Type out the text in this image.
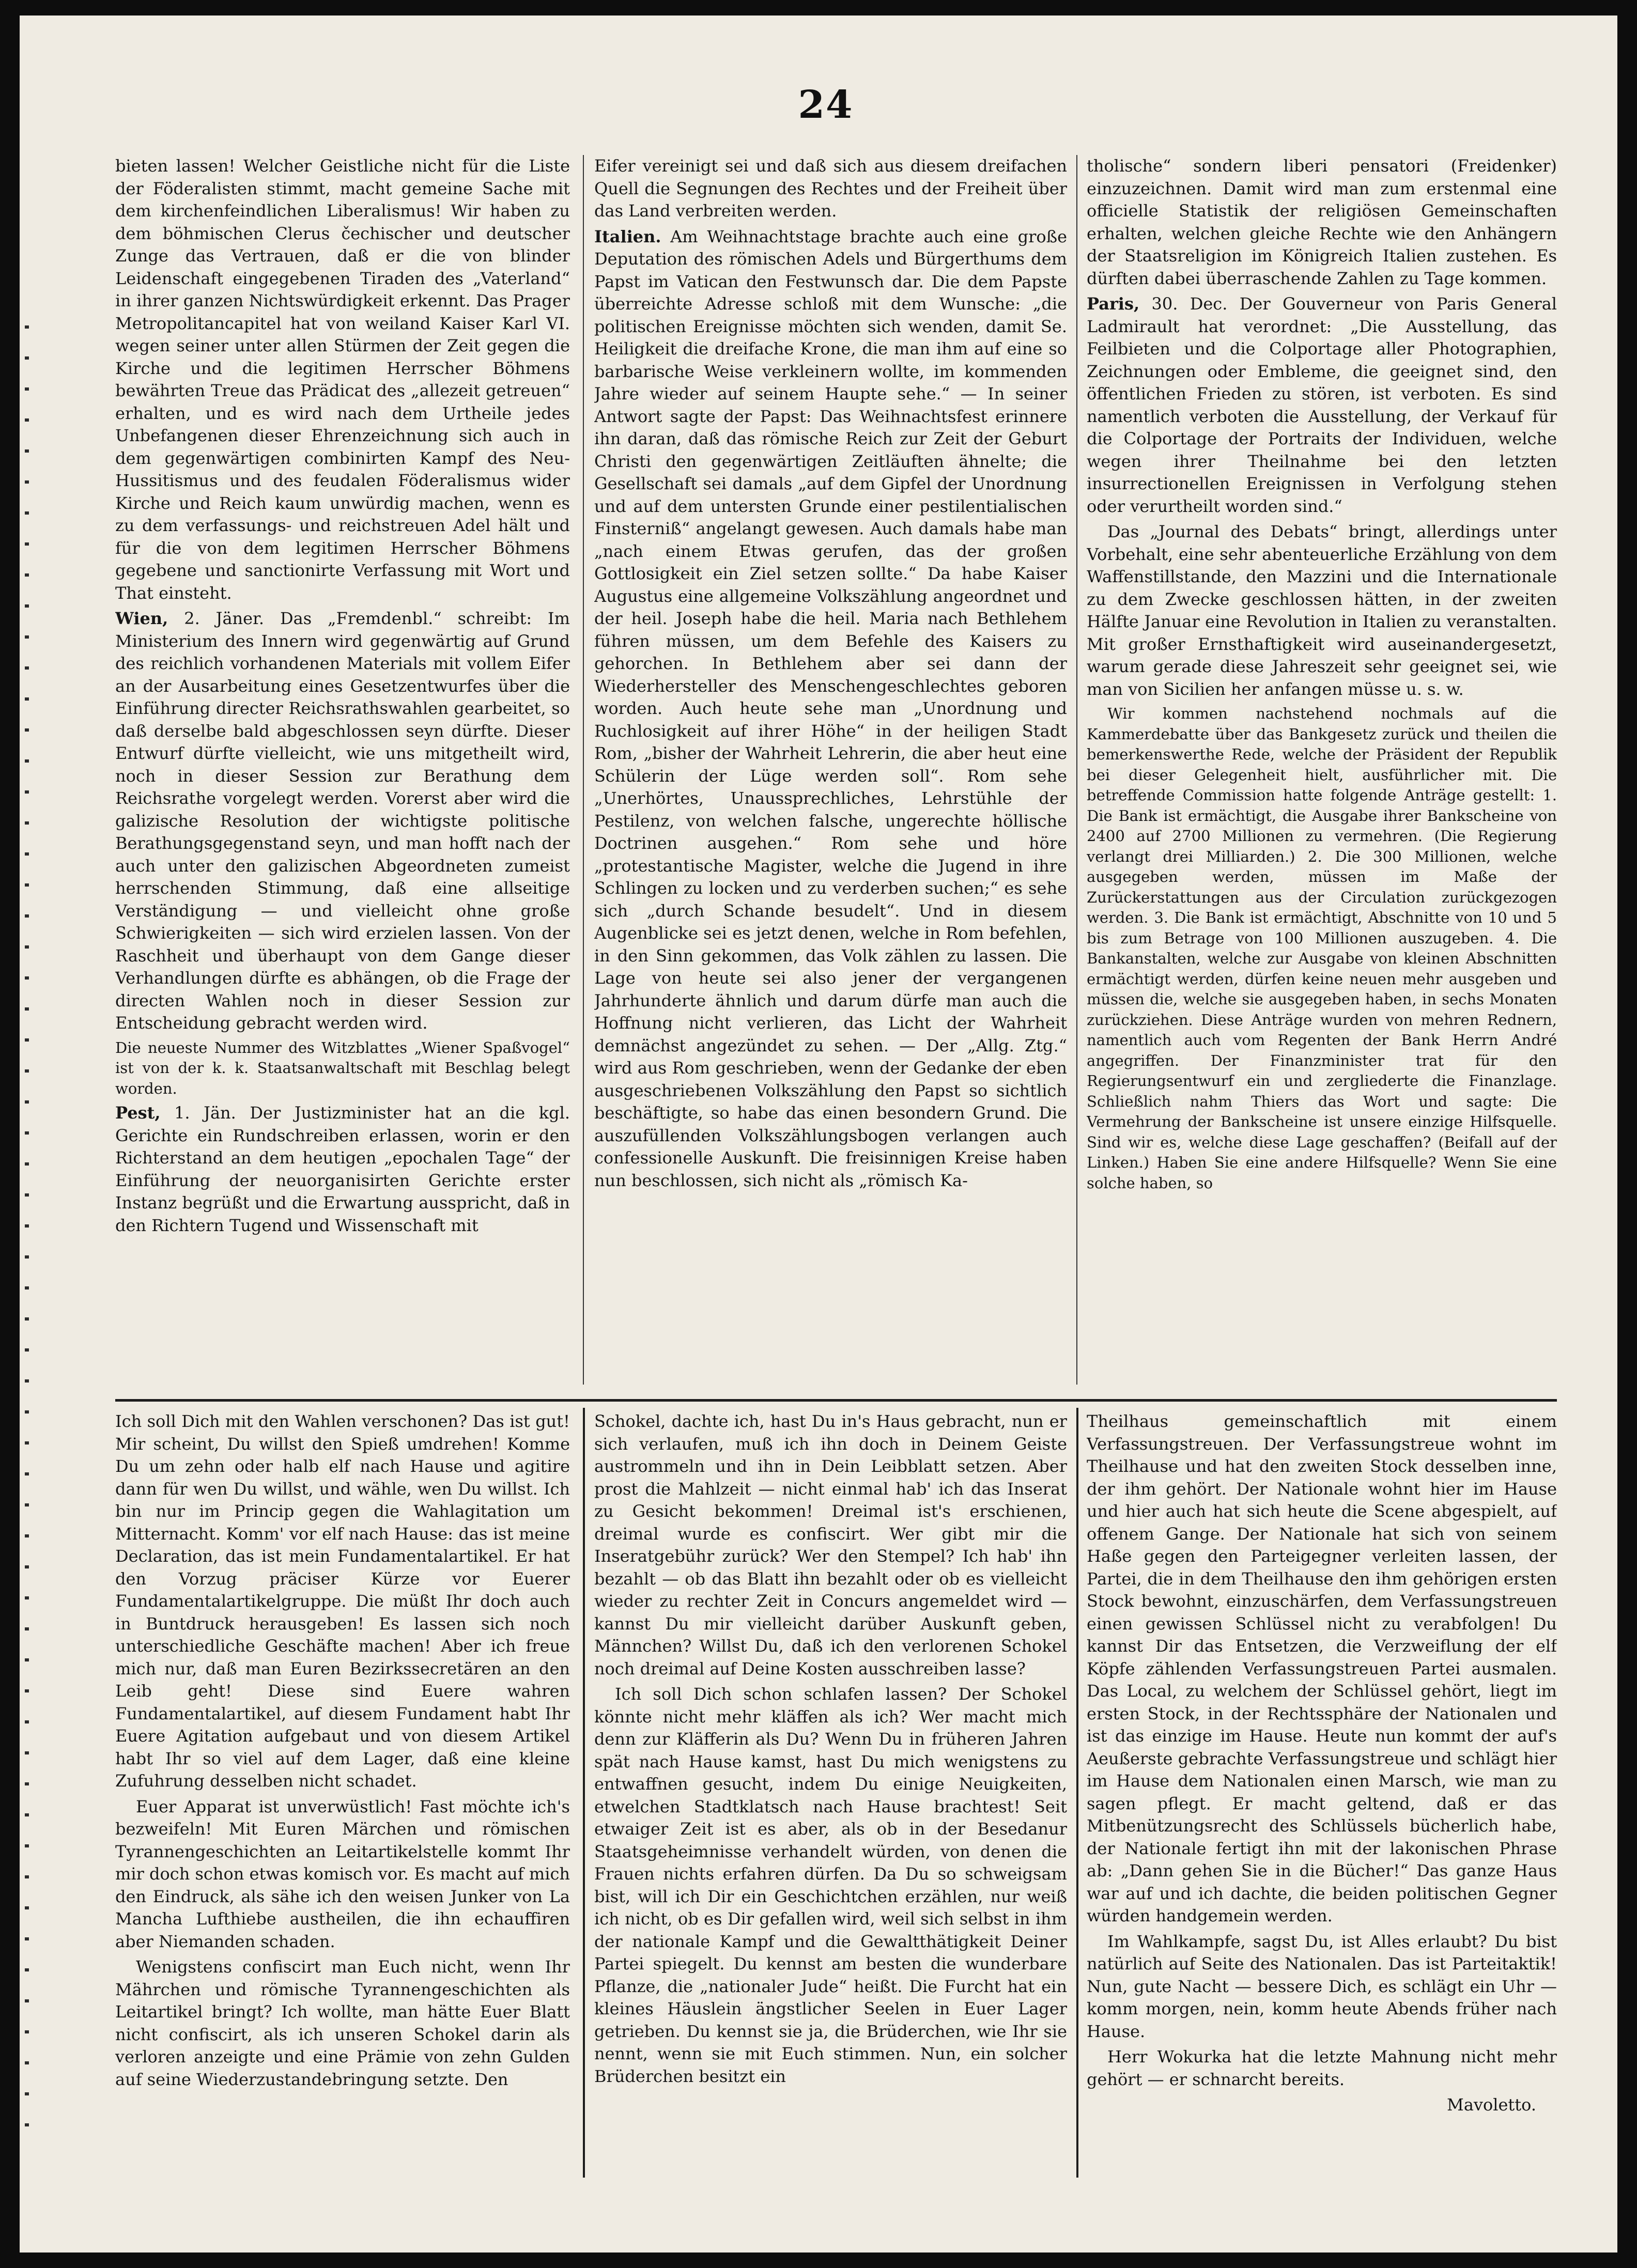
24

bieten lassen! Welcher Geistliche nicht für die Liste der Föderalisten stimmt, macht gemeine Sache mit dem kirchenfeindlichen Liberalismus! Wir haben zu dem böhmischen Clerus čechischer und deutscher Zunge das Vertrauen, daß er die von blinder Leidenschaft eingegebenen Tiraden des „Vaterland“ in ihrer ganzen Nichtswürdigkeit erkennt. Das Prager Metropolitancapitel hat von weiland Kaiser Karl VI. wegen seiner unter allen Stürmen der Zeit gegen die Kirche und die legitimen Herrscher Böhmens bewährten Treue das Prädicat des „allezeit getreuen“ erhalten, und es wird nach dem Urtheile jedes Unbefangenen dieser Ehrenzeichnung sich auch in dem gegenwärtigen combinirten Kampf des Neu-Hussitismus und des feudalen Föderalismus wider Kirche und Reich kaum unwürdig machen, wenn es zu dem verfassungs- und reichstreuen Adel hält und für die von dem legitimen Herrscher Böhmens gegebene und sanctionirte Verfassung mit Wort und That einsteht.

Wien, 2. Jäner. Das „Fremdenbl.“ schreibt: Im Ministerium des Innern wird gegenwärtig auf Grund des reichlich vorhandenen Materials mit vollem Eifer an der Ausarbeitung eines Gesetzentwurfes über die Einführung directer Reichsrathswahlen gearbeitet, so daß derselbe bald abgeschlossen seyn dürfte. Dieser Entwurf dürfte vielleicht, wie uns mitgetheilt wird, noch in dieser Session zur Berathung dem Reichsrathe vorgelegt werden. Vorerst aber wird die galizische Resolution der wichtigste politische Berathungsgegenstand seyn, und man hofft nach der auch unter den galizischen Abgeordneten zumeist herrschenden Stimmung, daß eine allseitige Verständigung — und vielleicht ohne große Schwierigkeiten — sich wird erzielen lassen. Von der Raschheit und überhaupt von dem Gange dieser Verhandlungen dürfte es abhängen, ob die Frage der directen Wahlen noch in dieser Session zur Entscheidung gebracht werden wird.

Die neueste Nummer des Witzblattes „Wiener Spaßvogel“ ist von der k. k. Staatsanwaltschaft mit Beschlag belegt worden.

Pest, 1. Jän. Der Justizminister hat an die kgl. Gerichte ein Rundschreiben erlassen, worin er den Richterstand an dem heutigen „epochalen Tage“ der Einführung der neuorganisirten Gerichte erster Instanz begrüßt und die Erwartung ausspricht, daß in den Richtern Tugend und Wissenschaft mit

Eifer vereinigt sei und daß sich aus diesem dreifachen Quell die Segnungen des Rechtes und der Freiheit über das Land verbreiten werden.

Italien. Am Weihnachtstage brachte auch eine große Deputation des römischen Adels und Bürgerthums dem Papst im Vatican den Festwunsch dar. Die dem Papste überreichte Adresse schloß mit dem Wunsche: „die politischen Ereignisse möchten sich wenden, damit Se. Heiligkeit die dreifache Krone, die man ihm auf eine so barbarische Weise verkleinern wollte, im kommenden Jahre wieder auf seinem Haupte sehe.“ — In seiner Antwort sagte der Papst: Das Weihnachtsfest erinnere ihn daran, daß das römische Reich zur Zeit der Geburt Christi den gegenwärtigen Zeitläuften ähnelte; die Gesellschaft sei damals „auf dem Gipfel der Unordnung und auf dem untersten Grunde einer pestilentialischen Finsterniß“ angelangt gewesen. Auch damals habe man „nach einem Etwas gerufen, das der großen Gottlosigkeit ein Ziel setzen sollte.“ Da habe Kaiser Augustus eine allgemeine Volkszählung angeordnet und der heil. Joseph habe die heil. Maria nach Bethlehem führen müssen, um dem Befehle des Kaisers zu gehorchen. In Bethlehem aber sei dann der Wiederhersteller des Menschengeschlechtes geboren worden. Auch heute sehe man „Unordnung und Ruchlosigkeit auf ihrer Höhe“ in der heiligen Stadt Rom, „bisher der Wahrheit Lehrerin, die aber heut eine Schülerin der Lüge werden soll“. Rom sehe „Unerhörtes, Unaussprechliches, Lehrstühle der Pestilenz, von welchen falsche, ungerechte höllische Doctrinen ausgehen.“ Rom sehe und höre „protestantische Magister, welche die Jugend in ihre Schlingen zu locken und zu verderben suchen;“ es sehe sich „durch Schande besudelt“. Und in diesem Augenblicke sei es jetzt denen, welche in Rom befehlen, in den Sinn gekommen, das Volk zählen zu lassen. Die Lage von heute sei also jener der vergangenen Jahrhunderte ähnlich und darum dürfe man auch die Hoffnung nicht verlieren, das Licht der Wahrheit demnächst angezündet zu sehen. — Der „Allg. Ztg.“ wird aus Rom geschrieben, wenn der Gedanke der eben ausgeschriebenen Volkszählung den Papst so sichtlich beschäftigte, so habe das einen besondern Grund. Die auszufüllenden Volkszählungsbogen verlangen auch confessionelle Auskunft. Die freisinnigen Kreise haben nun beschlossen, sich nicht als „römisch Ka-

tholische“ sondern liberi pensatori (Freidenker) einzuzeichnen. Damit wird man zum erstenmal eine officielle Statistik der religiösen Gemeinschaften erhalten, welchen gleiche Rechte wie den Anhängern der Staatsreligion im Königreich Italien zustehen. Es dürften dabei überraschende Zahlen zu Tage kommen.

Paris, 30. Dec. Der Gouverneur von Paris General Ladmirault hat verordnet: „Die Ausstellung, das Feilbieten und die Colportage aller Photographien, Zeichnungen oder Embleme, die geeignet sind, den öffentlichen Frieden zu stören, ist verboten. Es sind namentlich verboten die Ausstellung, der Verkauf für die Colportage der Portraits der Individuen, welche wegen ihrer Theilnahme bei den letzten insurrectionellen Ereignissen in Verfolgung stehen oder verurtheilt worden sind.“

Das „Journal des Debats“ bringt, allerdings unter Vorbehalt, eine sehr abenteuerliche Erzählung von dem Waffenstillstande, den Mazzini und die Internationale zu dem Zwecke geschlossen hätten, in der zweiten Hälfte Januar eine Revolution in Italien zu veranstalten. Mit großer Ernsthaftigkeit wird auseinandergesetzt, warum gerade diese Jahreszeit sehr geeignet sei, wie man von Sicilien her anfangen müsse u. s. w.

Wir kommen nachstehend nochmals auf die Kammerdebatte über das Bankgesetz zurück und theilen die bemerkenswerthe Rede, welche der Präsident der Republik bei dieser Gelegenheit hielt, ausführlicher mit. Die betreffende Commission hatte folgende Anträge gestellt: 1. Die Bank ist ermächtigt, die Ausgabe ihrer Bankscheine von 2400 auf 2700 Millionen zu vermehren. (Die Regierung verlangt drei Milliarden.) 2. Die 300 Millionen, welche ausgegeben werden, müssen im Maße der Zurückerstattungen aus der Circulation zurückgezogen werden. 3. Die Bank ist ermächtigt, Abschnitte von 10 und 5 bis zum Betrage von 100 Millionen auszugeben. 4. Die Bankanstalten, welche zur Ausgabe von kleinen Abschnitten ermächtigt werden, dürfen keine neuen mehr ausgeben und müssen die, welche sie ausgegeben haben, in sechs Monaten zurückziehen. Diese Anträge wurden von mehren Rednern, namentlich auch vom Regenten der Bank Herrn André angegriffen. Der Finanzminister trat für den Regierungsentwurf ein und zergliederte die Finanzlage. Schließlich nahm Thiers das Wort und sagte: Die Vermehrung der Bankscheine ist unsere einzige Hilfsquelle. Sind wir es, welche diese Lage geschaffen? (Beifall auf der Linken.) Haben Sie eine andere Hilfsquelle? Wenn Sie eine solche haben, so

Ich soll Dich mit den Wahlen verschonen? Das ist gut! Mir scheint, Du willst den Spieß umdrehen! Komme Du um zehn oder halb elf nach Hause und agitire dann für wen Du willst, und wähle, wen Du willst. Ich bin nur im Princip gegen die Wahlagitation um Mitternacht. Komm' vor elf nach Hause: das ist meine Declaration, das ist mein Fundamentalartikel. Er hat den Vorzug präciser Kürze vor Euerer Fundamentalartikelgruppe. Die müßt Ihr doch auch in Buntdruck herausgeben! Es lassen sich noch unterschiedliche Geschäfte machen! Aber ich freue mich nur, daß man Euren Bezirkssecretären an den Leib geht! Diese sind Euere wahren Fundamentalartikel, auf diesem Fundament habt Ihr Euere Agitation aufgebaut und von diesem Artikel habt Ihr so viel auf dem Lager, daß eine kleine Zufuhrung desselben nicht schadet.

Euer Apparat ist unverwüstlich! Fast möchte ich's bezweifeln! Mit Euren Märchen und römischen Tyrannengeschichten an Leitartikelstelle kommt Ihr mir doch schon etwas komisch vor. Es macht auf mich den Eindruck, als sähe ich den weisen Junker von La Mancha Lufthiebe austheilen, die ihn echauffiren aber Niemanden schaden.

Wenigstens confiscirt man Euch nicht, wenn Ihr Mährchen und römische Tyrannengeschichten als Leitartikel bringt? Ich wollte, man hätte Euer Blatt nicht confiscirt, als ich unseren Schokel darin als verloren anzeigte und eine Prämie von zehn Gulden auf seine Wiederzustandebringung setzte. Den

Schokel, dachte ich, hast Du in's Haus gebracht, nun er sich verlaufen, muß ich ihn doch in Deinem Geiste austrommeln und ihn in Dein Leibblatt setzen. Aber prost die Mahlzeit — nicht einmal hab' ich das Inserat zu Gesicht bekommen! Dreimal ist's erschienen, dreimal wurde es confiscirt. Wer gibt mir die Inseratgebühr zurück? Wer den Stempel? Ich hab' ihn bezahlt — ob das Blatt ihn bezahlt oder ob es vielleicht wieder zu rechter Zeit in Concurs angemeldet wird — kannst Du mir vielleicht darüber Auskunft geben, Männchen? Willst Du, daß ich den verlorenen Schokel noch dreimal auf Deine Kosten ausschreiben lasse?

Ich soll Dich schon schlafen lassen? Der Schokel könnte nicht mehr kläffen als ich? Wer macht mich denn zur Kläfferin als Du? Wenn Du in früheren Jahren spät nach Hause kamst, hast Du mich wenigstens zu entwaffnen gesucht, indem Du einige Neuigkeiten, etwelchen Stadtklatsch nach Hause brachtest! Seit etwaiger Zeit ist es aber, als ob in der Besedanur Staatsgeheimnisse verhandelt würden, von denen die Frauen nichts erfahren dürfen. Da Du so schweigsam bist, will ich Dir ein Geschichtchen erzählen, nur weiß ich nicht, ob es Dir gefallen wird, weil sich selbst in ihm der nationale Kampf und die Gewaltthätigkeit Deiner Partei spiegelt. Du kennst am besten die wunderbare Pflanze, die „nationaler Jude“ heißt. Die Furcht hat ein kleines Häuslein ängstlicher Seelen in Euer Lager getrieben. Du kennst sie ja, die Brüderchen, wie Ihr sie nennt, wenn sie mit Euch stimmen. Nun, ein solcher Brüderchen besitzt ein

Theilhaus gemeinschaftlich mit einem Verfassungstreuen. Der Verfassungstreue wohnt im Theilhause und hat den zweiten Stock desselben inne, der ihm gehört. Der Nationale wohnt hier im Hause und hier auch hat sich heute die Scene abgespielt, auf offenem Gange. Der Nationale hat sich von seinem Haße gegen den Parteigegner verleiten lassen, der Partei, die in dem Theilhause den ihm gehörigen ersten Stock bewohnt, einzuschärfen, dem Verfassungstreuen einen gewissen Schlüssel nicht zu verabfolgen! Du kannst Dir das Entsetzen, die Verzweiflung der elf Köpfe zählenden Verfassungstreuen Partei ausmalen. Das Local, zu welchem der Schlüssel gehört, liegt im ersten Stock, in der Rechtssphäre der Nationalen und ist das einzige im Hause. Heute nun kommt der auf's Aeußerste gebrachte Verfassungstreue und schlägt hier im Hause dem Nationalen einen Marsch, wie man zu sagen pflegt. Er macht geltend, daß er das Mitbenützungsrecht des Schlüssels bücherlich habe, der Nationale fertigt ihn mit der lakonischen Phrase ab: „Dann gehen Sie in die Bücher!“ Das ganze Haus war auf und ich dachte, die beiden politischen Gegner würden handgemein werden.

Im Wahlkampfe, sagst Du, ist Alles erlaubt? Du bist natürlich auf Seite des Nationalen. Das ist Parteitaktik! Nun, gute Nacht — bessere Dich, es schlägt ein Uhr — komm morgen, nein, komm heute Abends früher nach Hause.

Herr Wokurka hat die letzte Mahnung nicht mehr gehört — er schnarcht bereits.

Mavoletto.
